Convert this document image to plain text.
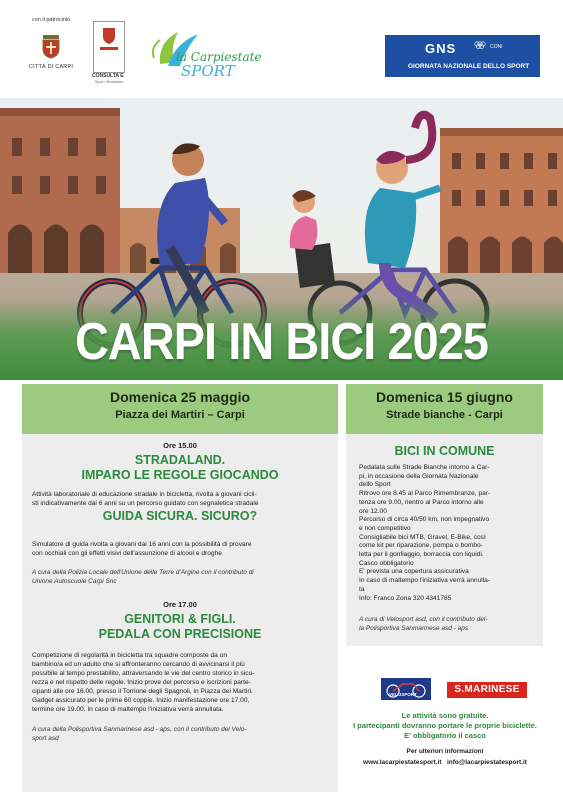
con il patrocinio
CITTÀ DI CARPI
CONSULTA E
Sport • Benessere
la Carpiestate
SPORT
GNS	CONI
GIORNATA NAZIONALE DELLO SPORT
CARPI IN BICI 2025
Domenica 25 maggio
Piazza dei Martiri – Carpi
Ore 15.00
STRADALAND.
IMPARO LE REGOLE GIOCANDO
Attività laboratoriale di educazione stradale in bicicletta, rivolta a giovani cicli-
sti indicativamente dai 6 anni su un percorso guidato con segnaletica stradale
GUIDA SICURA. SICURO?
Simulatore di guida rivolta a giovani dai 16 anni con la possibilità di provare
con occhiali con gli effetti visivi dell'assunzione di alcool e droghe
A cura della Polizia Locale dell'Unione delle Terre d'Argine con il contributo di
Unione Autoscuole Carpi Snc
Ore 17.00
GENITORI & FIGLI.
PEDALA CON PRECISIONE
Competizione di regolarità in bicicletta tra squadre composte da un
bambino/a ed un adulto che si affronteranno cercando di avvicinarsi il più
possibile al tempo prestabilito, attraversando le vie del centro storico in sicu-
rezza e nel rispetto delle regole. Inizio prove del percorso e iscrizioni parte-
cipanti alle ore 16.00, presso il Torrione degli Spagnoli, in Piazza dei Martiri.
Gadget assicurato per le prime 60 coppie. Inizio manifestazione ore 17.00,
termine ore 19.00. In caso di maltempo l'iniziativa verrà annullata.
A cura della Polisportiva Sanmarinese asd - aps, con il contributo del Velo-
sport asd
Domenica 15 giugno
Strade bianche - Carpi
BICI IN COMUNE
Pedalata sulle Strade Bianche intorno a Car-
pi, in occasione della Giornata Nazionale
dello Sport
Ritrovo ore 8.45 al Parco Rimembranze, par-
tenza ore 9.00, rientro al Parco intorno alle
ore 12.00
Percorso di circa 40/50 km, non impegnativo
e non competitivo
Consigliabile bici MTB, Gravel, E-Bike, così
come kit per riparazione, pompa o bombo-
letta per il gonfiaggio, borraccia con liquidi.
Casco obbligatorio
E' prevista una copertura assicurativa
In caso di maltempo l'iniziativa verrà annulla-
ta
Info: Franco Zona 320 4341785
A cura di Velosport asd, con il contributo del-
la Polisportiva Sanmarinese asd - aps
VELOSPORT	S.MARINESE
Le attività sono gratuite.
I partecipanti dovranno portare le proprie biciclette.
E' obbligatorio il casco
Per ulteriori informazioni
www.lacarpiestatesport.it   info@lacarpiestatesport.it
